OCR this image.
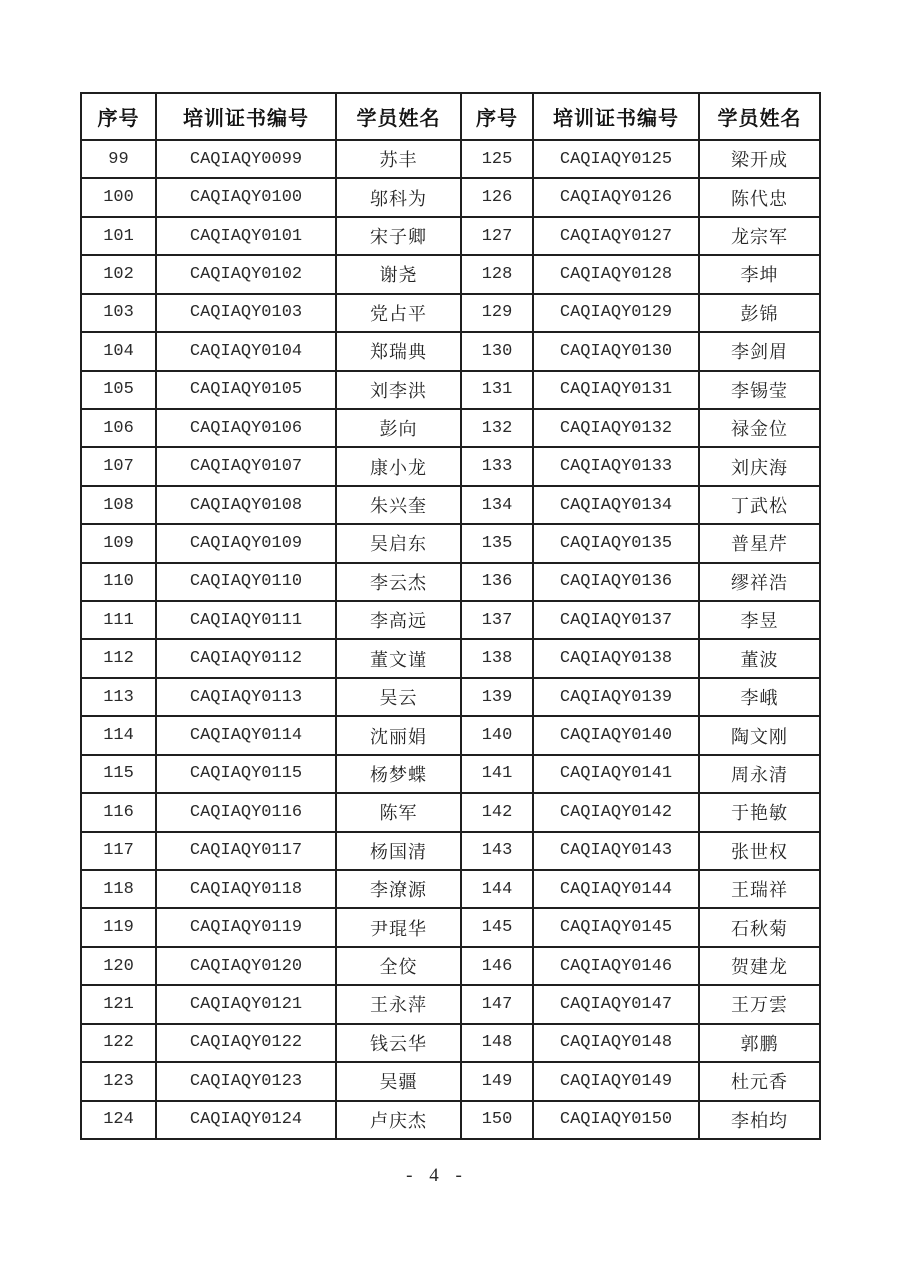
序号	培训证书编号	学员姓名	序号	培训证书编号	学员姓名
99	CAQIAQY0099	苏丰	125	CAQIAQY0125	梁开成
100	CAQIAQY0100	邬科为	126	CAQIAQY0126	陈代忠
101	CAQIAQY0101	宋子卿	127	CAQIAQY0127	龙宗军
102	CAQIAQY0102	谢尧	128	CAQIAQY0128	李坤
103	CAQIAQY0103	党占平	129	CAQIAQY0129	彭锦
104	CAQIAQY0104	郑瑞典	130	CAQIAQY0130	李剑眉
105	CAQIAQY0105	刘李洪	131	CAQIAQY0131	李锡莹
106	CAQIAQY0106	彭向	132	CAQIAQY0132	禄金位
107	CAQIAQY0107	康小龙	133	CAQIAQY0133	刘庆海
108	CAQIAQY0108	朱兴奎	134	CAQIAQY0134	丁武松
109	CAQIAQY0109	吴启东	135	CAQIAQY0135	普星芹
110	CAQIAQY0110	李云杰	136	CAQIAQY0136	缪祥浩
111	CAQIAQY0111	李高远	137	CAQIAQY0137	李昱
112	CAQIAQY0112	董文谨	138	CAQIAQY0138	董波
113	CAQIAQY0113	吴云	139	CAQIAQY0139	李峨
114	CAQIAQY0114	沈丽娟	140	CAQIAQY0140	陶文刚
115	CAQIAQY0115	杨梦蝶	141	CAQIAQY0141	周永清
116	CAQIAQY0116	陈军	142	CAQIAQY0142	于艳敏
117	CAQIAQY0117	杨国清	143	CAQIAQY0143	张世权
118	CAQIAQY0118	李潦源	144	CAQIAQY0144	王瑞祥
119	CAQIAQY0119	尹琨华	145	CAQIAQY0145	石秋菊
120	CAQIAQY0120	全佼	146	CAQIAQY0146	贺建龙
121	CAQIAQY0121	王永萍	147	CAQIAQY0147	王万雲
122	CAQIAQY0122	钱云华	148	CAQIAQY0148	郭鹏
123	CAQIAQY0123	吴疆	149	CAQIAQY0149	杜元香
124	CAQIAQY0124	卢庆杰	150	CAQIAQY0150	李柏均
- 4 -
